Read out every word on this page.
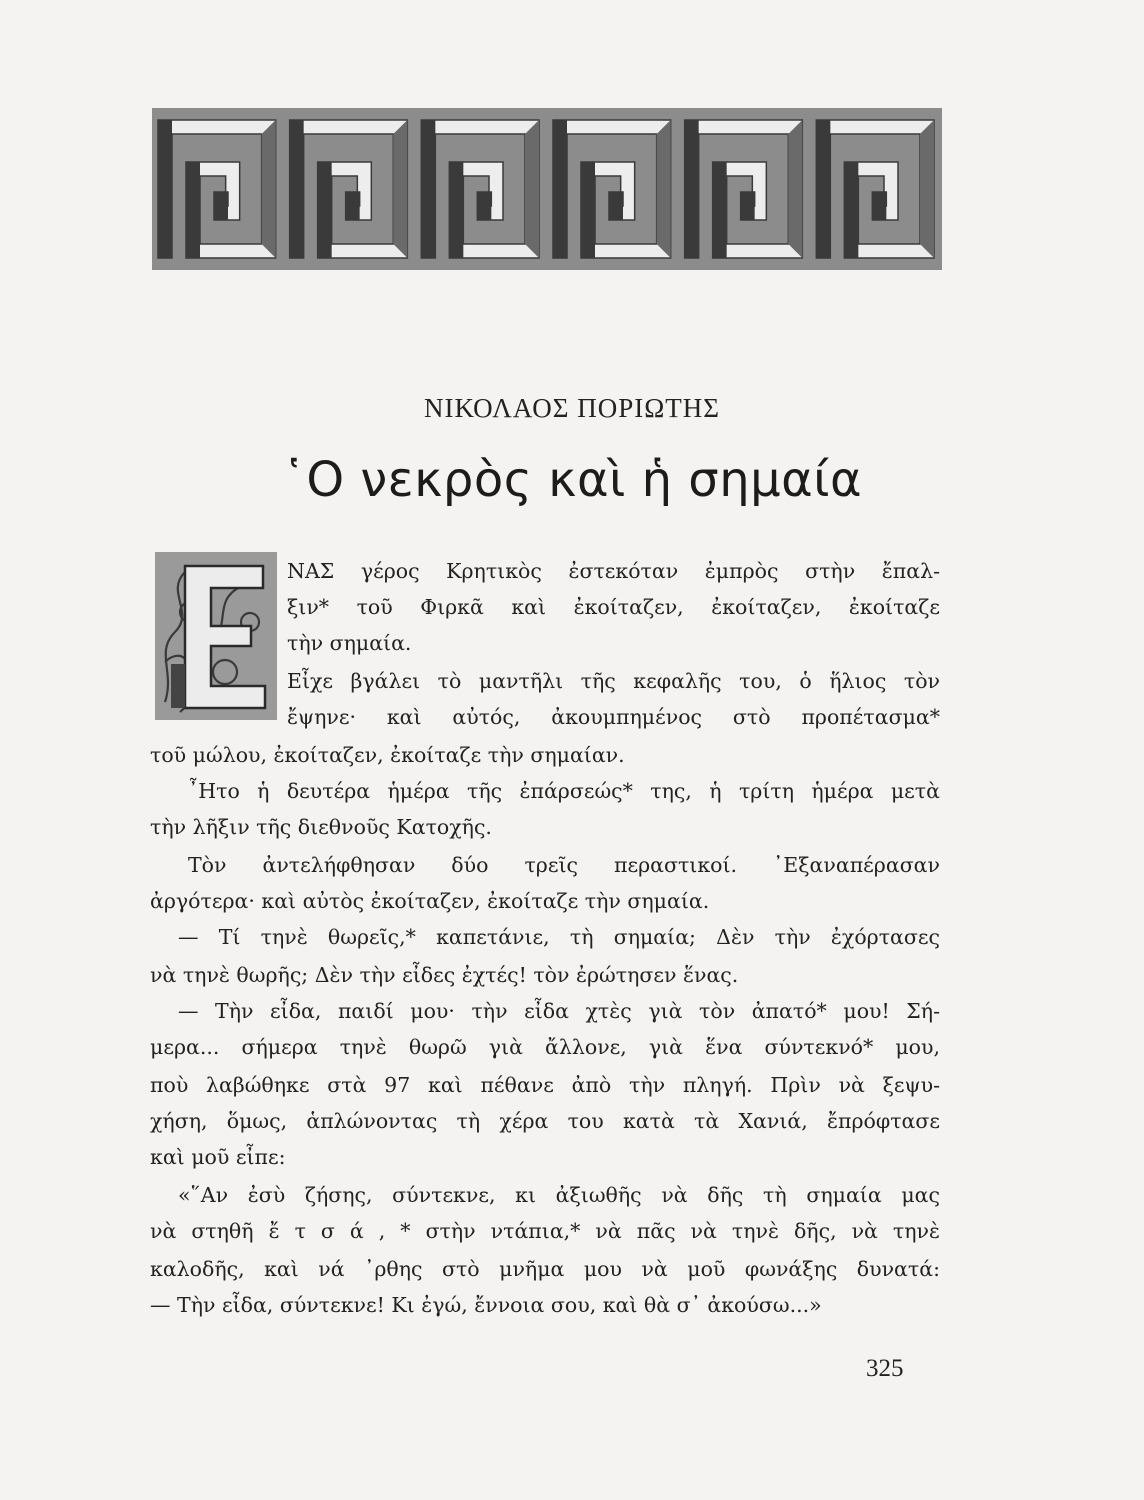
ΝΙΚΟΛΑΟΣ ΠΟΡΙΩΤΗΣ
῾Ο νεκρὸς καὶ ἡ σημαία
ΝΑΣ γέρος Κρητικὸς ἐστεκόταν ἐμπρὸς στὴν ἔπαλ-
ξιν* τοῦ Φιρκᾶ καὶ ἐκοίταζεν, ἐκοίταζεν, ἐκοίταζε
τὴν σημαία.
Εἶχε βγάλει τὸ μαντῆλι τῆς κεφαλῆς του, ὁ ἥλιος τὸν
ἔψηνε· καὶ αὐτός, ἀκουμπημένος στὸ προπέτασμα*
τοῦ μώλου, ἐκοίταζεν, ἐκοίταζε τὴν σημαίαν.
῏Ητο ἡ δευτέρα ἡμέρα τῆς ἐπάρσεώς* της, ἡ τρίτη ἡμέρα μετὰ
τὴν λῆξιν τῆς διεθνοῦς Κατοχῆς.
Τὸν ἀντελήφθησαν δύο τρεῖς περαστικοί. ᾽Εξαναπέρασαν
ἀργότερα· καὶ αὐτὸς ἐκοίταζεν, ἐκοίταζε τὴν σημαία.
— Τί τηνὲ θωρεῖς,* καπετάνιε, τὴ σημαία; Δὲν τὴν ἐχόρτασες
νὰ τηνὲ θωρῆς; Δὲν τὴν εἶδες ἐχτές! τὸν ἐρώτησεν ἕνας.
— Τὴν εἶδα, παιδί μου· τὴν εἶδα χτὲς γιὰ τὸν ἀπατό* μου! Σή-
μερα... σήμερα τηνὲ θωρῶ γιὰ ἄλλονε, γιὰ ἕνα σύντεκνό* μου,
ποὺ λαβώθηκε στὰ 97 καὶ πέθανε ἀπὸ τὴν πληγή. Πρὶν νὰ ξεψυ-
χήση, ὅμως, ἁπλώνοντας τὴ χέρα του κατὰ τὰ Χανιά, ἔπρόφτασε
καὶ μοῦ εἶπε:
«῞Αν ἐσὺ ζήσης, σύντεκνε, κι ἀξιωθῆς νὰ δῆς τὴ σημαία μας
νὰ στηθῆ ἔ τ σ ά , * στὴν ντάπια,* νὰ πᾶς νὰ τηνὲ δῆς, νὰ τηνὲ
καλοδῆς, καὶ νά ᾽ρθης στὸ μνῆμα μου νὰ μοῦ φωνάξης δυνατά:
— Τὴν εἶδα, σύντεκνε! Κι ἐγώ, ἔννοια σου, καὶ θὰ σ᾽ ἀκούσω...»
325
